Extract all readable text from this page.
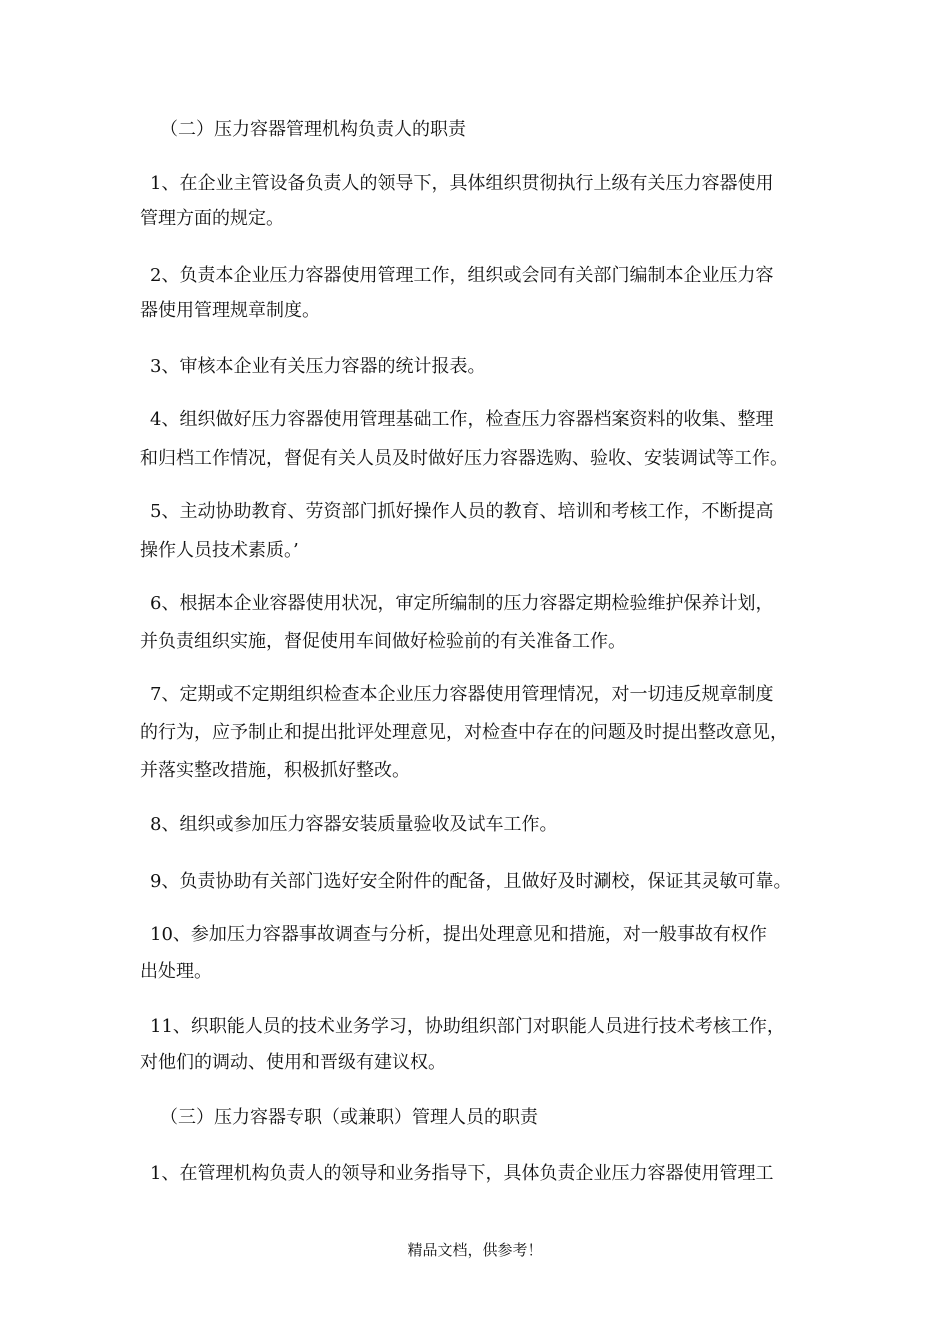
（二）压力容器管理机构负责人的职责
1、在企业主管设备负责人的领导下，具体组织贯彻执行上级有关压力容器使用
管理方面的规定。
2、负责本企业压力容器使用管理工作，组织或会同有关部门编制本企业压力容
器使用管理规章制度。
3、审核本企业有关压力容器的统计报表。
4、组织做好压力容器使用管理基础工作，检查压力容器档案资料的收集、整理
和归档工作情况，督促有关人员及时做好压力容器选购、验收、安装调试等工作。
5、主动协助教育、劳资部门抓好操作人员的教育、培训和考核工作，不断提高
操作人员技术素质。’
6、根据本企业容器使用状况，审定所编制的压力容器定期检验维护保养计划，
并负责组织实施，督促使用车间做好检验前的有关准备工作。
7、定期或不定期组织检查本企业压力容器使用管理情况，对一切违反规章制度
的行为，应予制止和提出批评处理意见，对检查中存在的问题及时提出整改意见，
并落实整改措施，积极抓好整改。
8、组织或参加压力容器安装质量验收及试车工作。
9、负责协助有关部门选好安全附件的配备，且做好及时涮校，保证其灵敏可靠。
10、参加压力容器事故调查与分析，提出处理意见和措施，对一般事故有权作
出处理。
11、织职能人员的技术业务学习，协助组织部门对职能人员进行技术考核工作，
对他们的调动、使用和晋级有建议权。
（三）压力容器专职（或兼职）管理人员的职责
1、在管理机构负责人的领导和业务指导下，具体负责企业压力容器使用管理工
精品文档，供参考！
